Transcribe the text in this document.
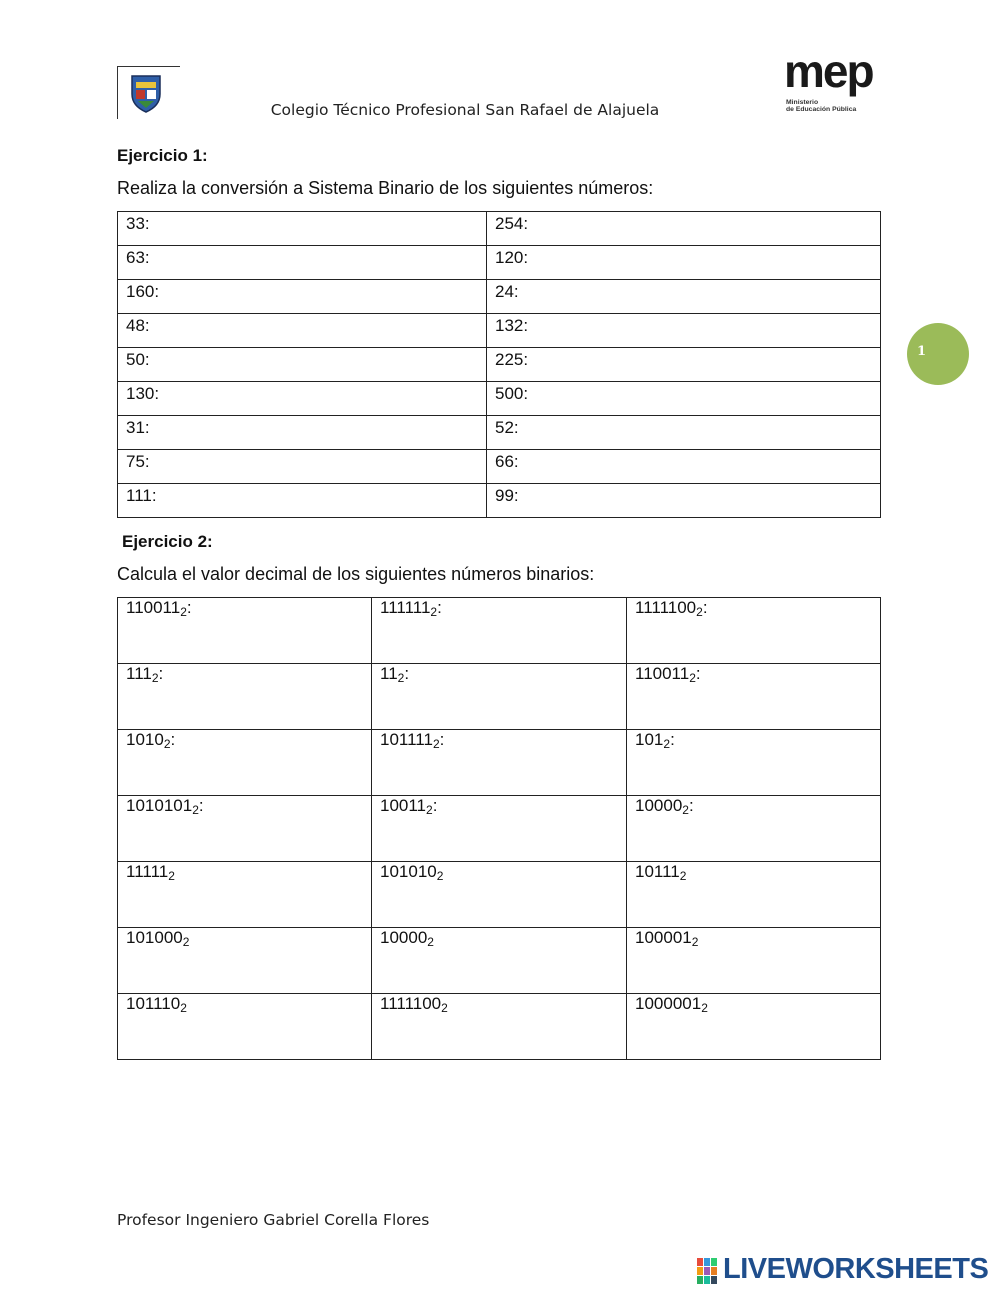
Colegio Técnico Profesional San Rafael de Alajuela
mep
Ministerio
de Educación Pública
Ejercicio 1:
Realiza la conversión a Sistema Binario de los siguientes números:
33:	254:
63:	120:
160:	24:
48:	132:
50:	225:
130:	500:
31:	52:
75:	66:
111:	99:
Ejercicio 2:
Calcula el valor decimal de los siguientes números binarios:
$110011_2$:	$111111_2$:	$1111100_2$:
$111_2$:	$11_2$:	$110011_2$:
$1010_2$:	$101111_2$:	$101_2$:
$1010101_2$:	$10011_2$:	$10000_2$:
$11111_2$	$101010_2$	$10111_2$
$101000_2$	$10000_2$	$100001_2$
$101110_2$	$1111100_2$	$1000001_2$
1
Profesor Ingeniero Gabriel Corella Flores
LIVEWORKSHEETS
